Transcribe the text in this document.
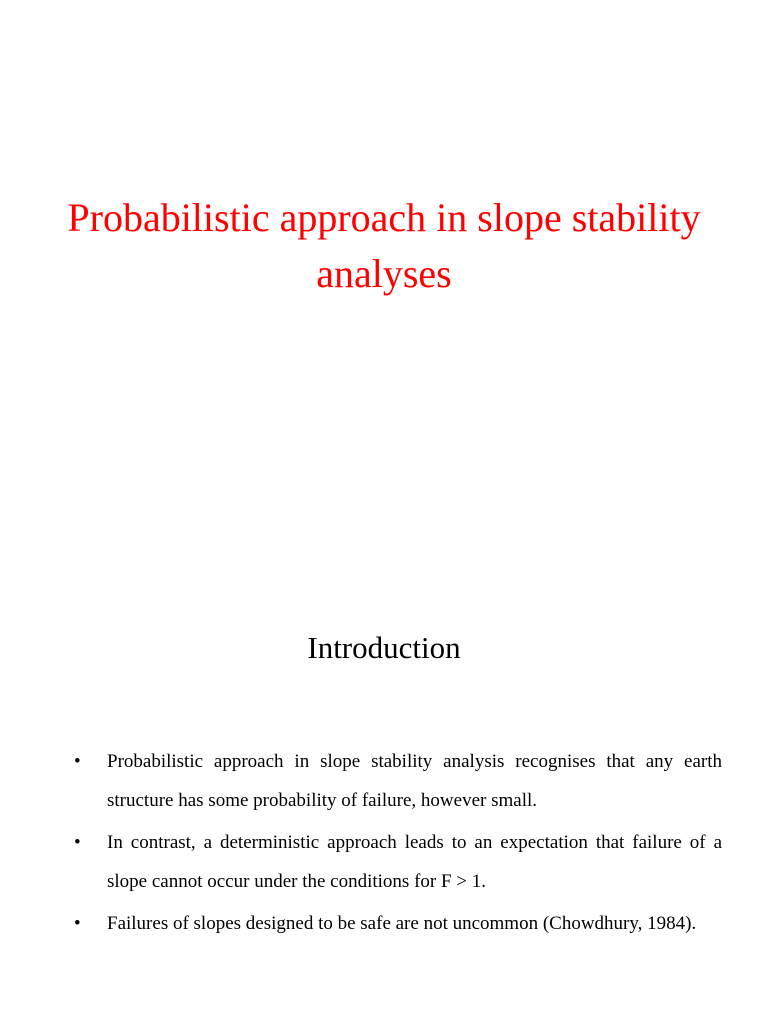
Probabilistic approach in slope stability analyses
Introduction
• Probabilistic approach in slope stability analysis recognises that any earth structure has some probability of failure, however small.
• In contrast, a deterministic approach leads to an expectation that failure of a slope cannot occur under the conditions for F > 1.
• Failures of slopes designed to be safe are not uncommon (Chowdhury, 1984).
